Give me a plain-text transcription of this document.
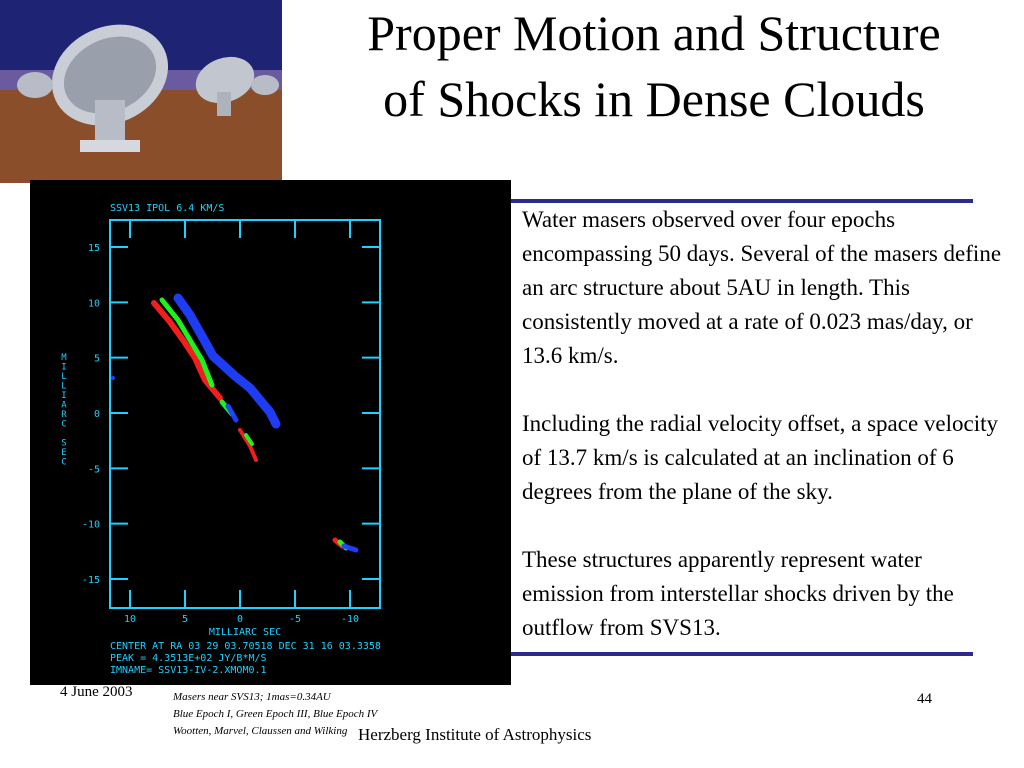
Proper Motion and Structure
of Shocks in Dense Clouds
SSV13 IPOL 6.4 KM/S
15
10
5
0
-5
-10
-15
10	5	0	-5	-10
MILLIARC SEC
M I L L I A R C S E C
CENTER AT RA 03 29 03.70518 DEC 31 16 03.3358
PEAK = 4.3513E+02 JY/B*M/S
IMNAME= SSV13-IV-2.XMOM0.1

Water masers observed over four epochs encompassing 50 days. Several of the masers define an arc structure about 5AU in length. This consistently moved at a rate of 0.023 mas/day, or 13.6 km/s.

Including the radial velocity offset, a space velocity of 13.7 km/s is calculated at an inclination of 6 degrees from the plane of the sky.

These structures apparently represent water emission from interstellar shocks driven by the outflow from SVS13.

4 June 2003	Masers near SVS13; 1mas=0.34AU
Blue Epoch I, Green Epoch III, Blue Epoch IV
Wootten, Marvel, Claussen and Wilking
44
Herzberg Institute of Astrophysics
